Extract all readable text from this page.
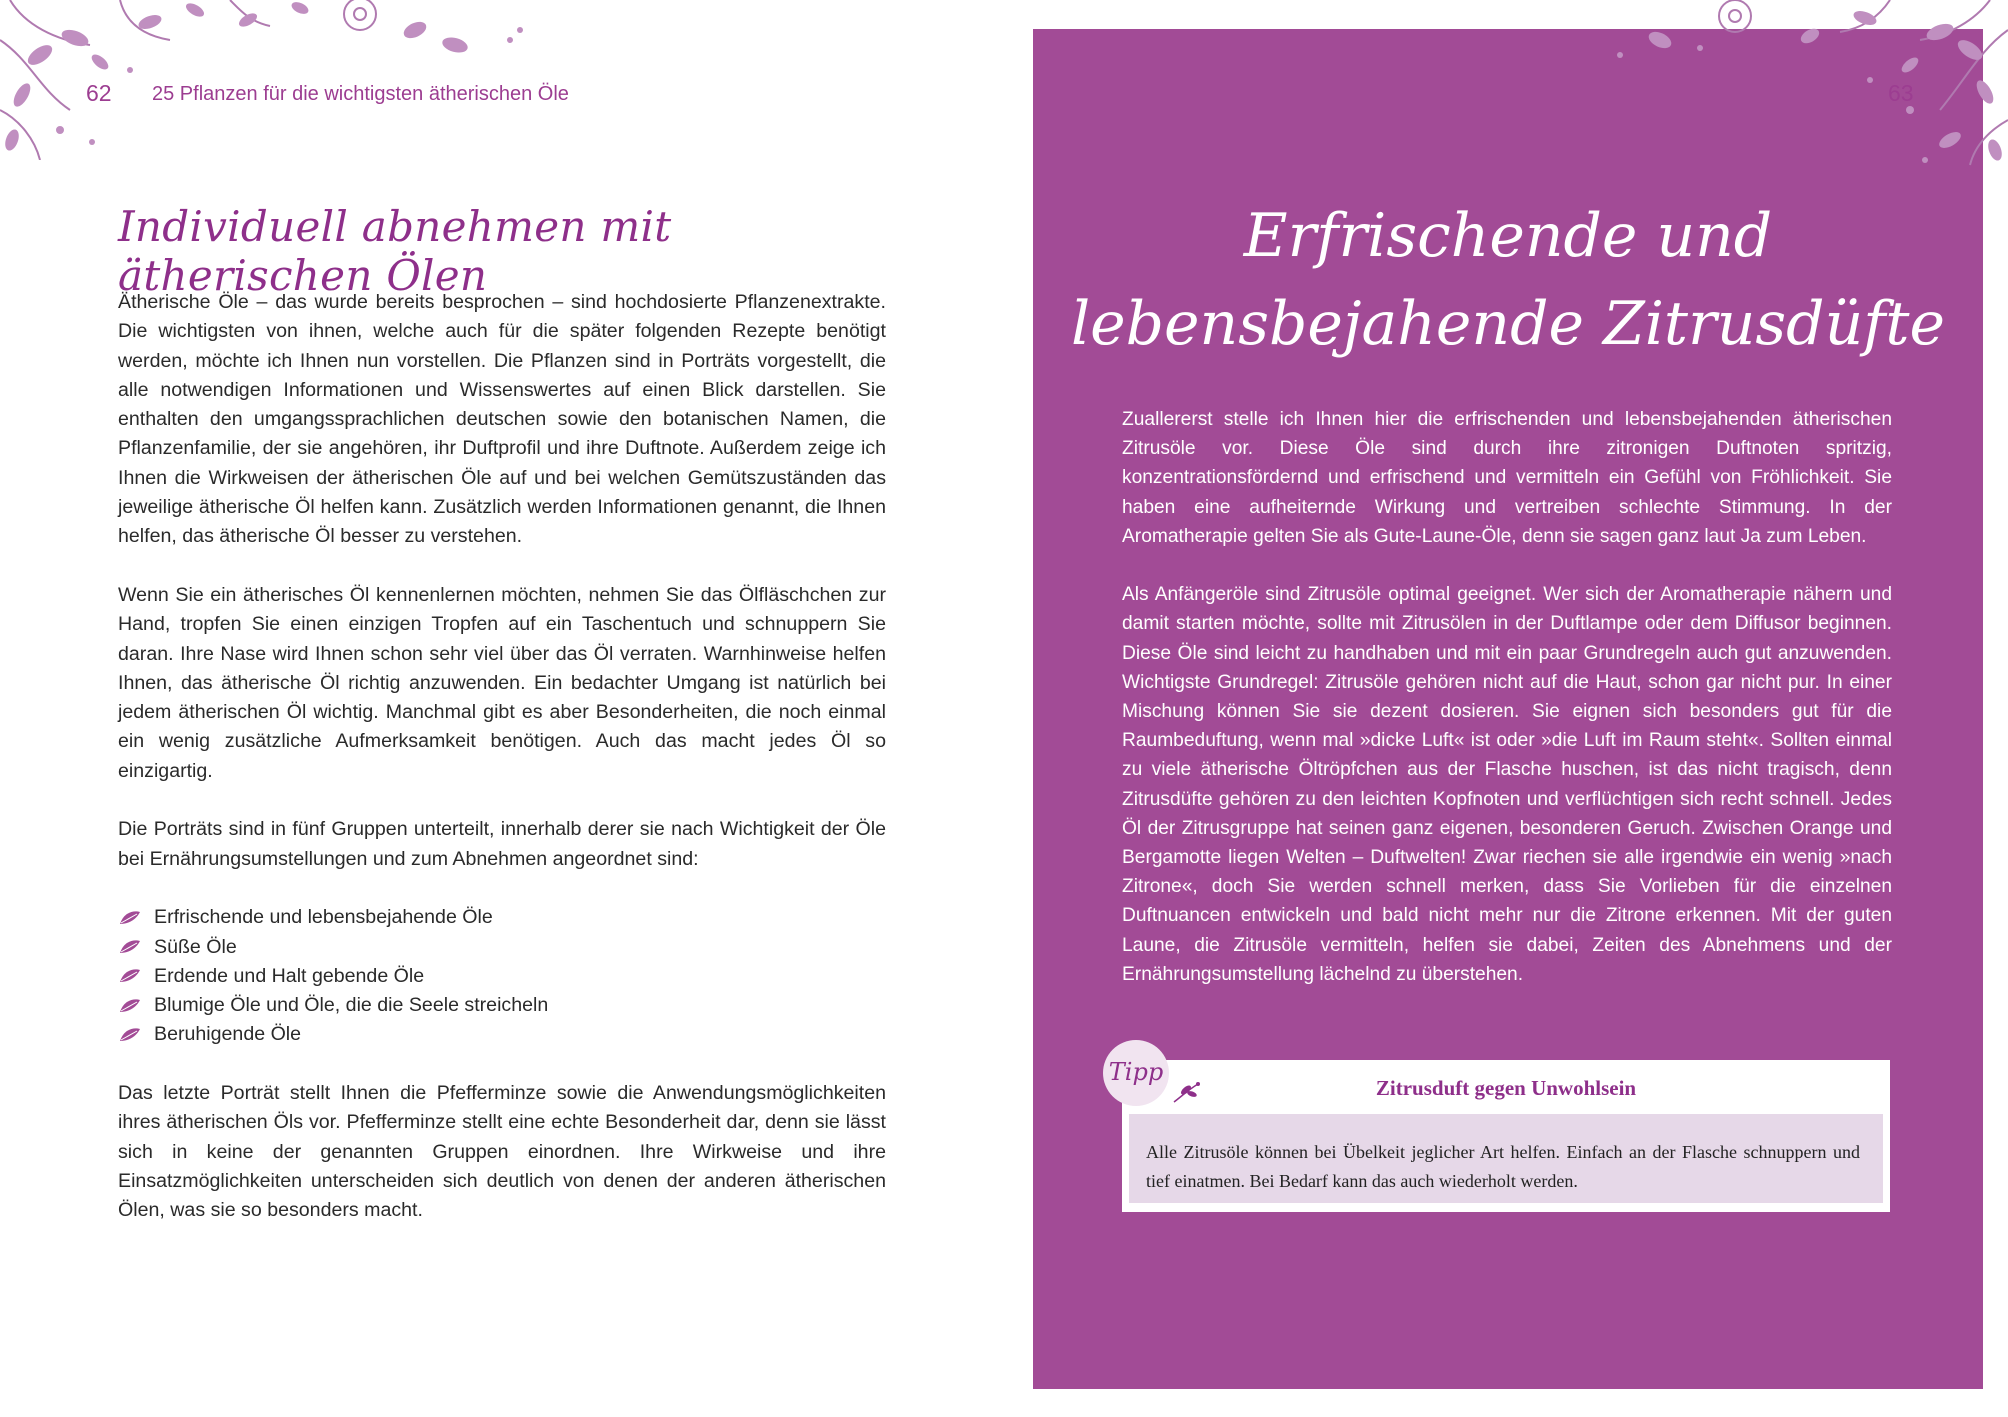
62 25 Pflanzen für die wichtigsten ätherischen Öle
Individuell abnehmen mit ätherischen Ölen

Ätherische Öle – das wurde bereits besprochen – sind hochdosierte Pflanzenextrakte. Die wichtigsten von ihnen, welche auch für die später folgenden Rezepte benötigt werden, möchte ich Ihnen nun vorstellen. Die Pflanzen sind in Porträts vorgestellt, die alle notwendigen Informationen und Wissenswertes auf einen Blick darstellen. Sie enthalten den umgangssprachlichen deutschen sowie den botanischen Namen, die Pflanzenfamilie, der sie angehören, ihr Duftprofil und ihre Duftnote. Außerdem zeige ich Ihnen die Wirkweisen der ätherischen Öle auf und bei welchen Gemütszuständen das jeweilige ätherische Öl helfen kann. Zusätzlich werden Informationen genannt, die Ihnen helfen, das ätherische Öl besser zu verstehen.

Wenn Sie ein ätherisches Öl kennenlernen möchten, nehmen Sie das Ölfläschchen zur Hand, tropfen Sie einen einzigen Tropfen auf ein Taschentuch und schnuppern Sie daran. Ihre Nase wird Ihnen schon sehr viel über das Öl verraten. Warnhinweise helfen Ihnen, das ätherische Öl richtig anzuwenden. Ein bedachter Umgang ist natürlich bei jedem ätherischen Öl wichtig. Manchmal gibt es aber Besonderheiten, die noch einmal ein wenig zusätzliche Aufmerksamkeit benötigen. Auch das macht jedes Öl so einzigartig.

Die Porträts sind in fünf Gruppen unterteilt, innerhalb derer sie nach Wichtigkeit der Öle bei Ernährungsumstellungen und zum Abnehmen angeordnet sind:

Erfrischende und lebensbejahende Öle
Süße Öle
Erdende und Halt gebende Öle
Blumige Öle und Öle, die die Seele streicheln
Beruhigende Öle

Das letzte Porträt stellt Ihnen die Pfefferminze sowie die Anwendungsmöglichkeiten ihres ätherischen Öls vor. Pfefferminze stellt eine echte Besonderheit dar, denn sie lässt sich in keine der genannten Gruppen einordnen. Ihre Wirkweise und ihre Einsatzmöglichkeiten unterscheiden sich deutlich von denen der anderen ätherischen Ölen, was sie so besonders macht.

63
Erfrischende und
lebensbejahende Zitrusdüfte

Zuallererst stelle ich Ihnen hier die erfrischenden und lebensbejahenden ätherischen Zitrusöle vor. Diese Öle sind durch ihre zitronigen Duftnoten spritzig, konzentrationsfördernd und erfrischend und vermitteln ein Gefühl von Fröhlichkeit. Sie haben eine aufheiternde Wirkung und vertreiben schlechte Stimmung. In der Aromatherapie gelten Sie als Gute-Laune-Öle, denn sie sagen ganz laut Ja zum Leben.

Als Anfängeröle sind Zitrusöle optimal geeignet. Wer sich der Aromatherapie nähern und damit starten möchte, sollte mit Zitrusölen in der Duftlampe oder dem Diffusor beginnen. Diese Öle sind leicht zu handhaben und mit ein paar Grundregeln auch gut anzuwenden. Wichtigste Grundregel: Zitrusöle gehören nicht auf die Haut, schon gar nicht pur. In einer Mischung können Sie sie dezent dosieren. Sie eignen sich besonders gut für die Raumbeduftung, wenn mal »dicke Luft« ist oder »die Luft im Raum steht«. Sollten einmal zu viele ätherische Öltröpfchen aus der Flasche huschen, ist das nicht tragisch, denn Zitrusdüfte gehören zu den leichten Kopfnoten und verflüchtigen sich recht schnell. Jedes Öl der Zitrusgruppe hat seinen ganz eigenen, besonderen Geruch. Zwischen Orange und Bergamotte liegen Welten – Duftwelten! Zwar riechen sie alle irgendwie ein wenig »nach Zitrone«, doch Sie werden schnell merken, dass Sie Vorlieben für die einzelnen Duftnuancen entwickeln und bald nicht mehr nur die Zitrone erkennen. Mit der guten Laune, die Zitrusöle vermitteln, helfen sie dabei, Zeiten des Abnehmens und der Ernährungsumstellung lächelnd zu überstehen.

Zitrusduft gegen Unwohlsein
Alle Zitrusöle können bei Übelkeit jeglicher Art helfen. Einfach an der Flasche schnuppern und tief einatmen. Bei Bedarf kann das auch wiederholt werden.
Tipp
